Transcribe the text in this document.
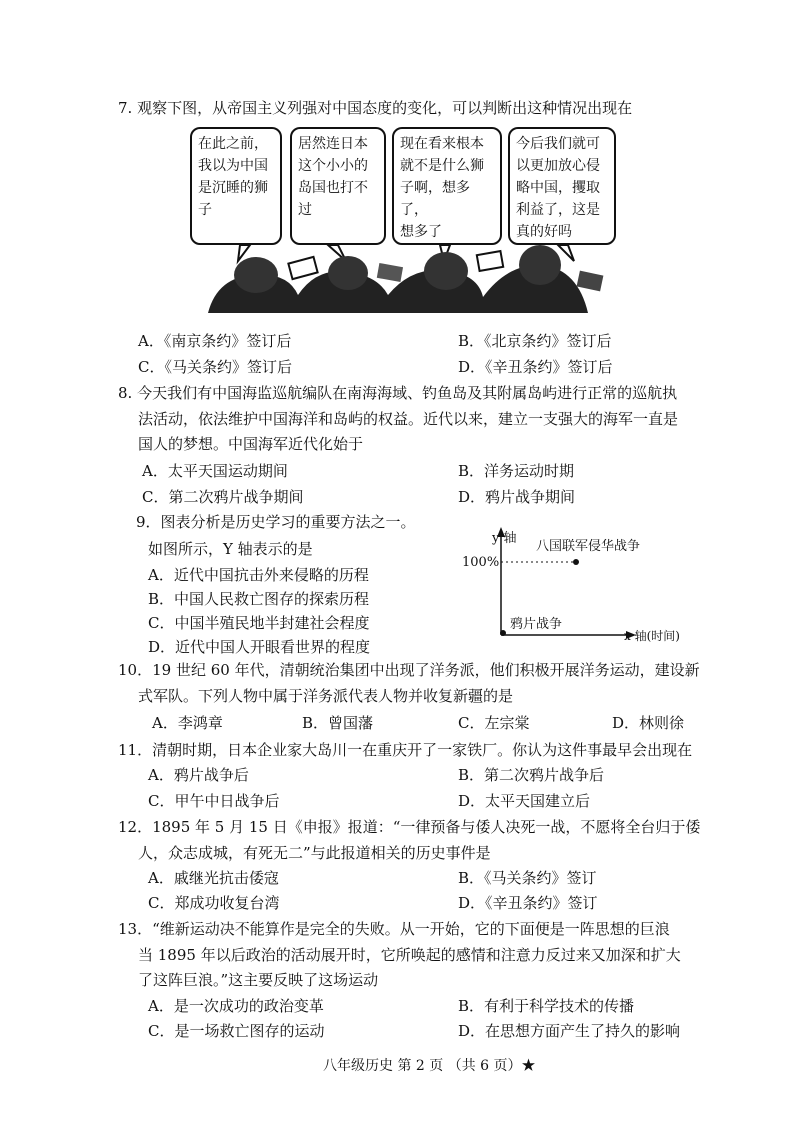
7. 观察下图，从帝国主义列强对中国态度的变化，可以判断出这种情况出现在
在此之前，
我以为中国
是沉睡的狮
子
居然连日本
这个小小的
岛国也打不
过
现在看来根本
就不是什么狮
子啊，想多了，
想多了
今后我们就可
以更加放心侵
略中国，攫取
利益了，这是
真的好吗
A．《南京条约》签订后	B．《北京条约》签订后
C．《马关条约》签订后	D．《辛丑条约》签订后
8. 今天我们有中国海监巡航编队在南海海域、钓鱼岛及其附属岛屿进行正常的巡航执
法活动，依法维护中国海洋和岛屿的权益。近代以来，建立一支强大的海军一直是
国人的梦想。中国海军近代化始于
A．太平天国运动期间	B．洋务运动时期
C．第二次鸦片战争期间	D．鸦片战争期间
9．图表分析是历史学习的重要方法之一。
如图所示，Y 轴表示的是
A．近代中国抗击外来侵略的历程
B．中国人民救亡图存的探索历程
C．中国半殖民地半封建社会程度
D．近代中国人开眼看世界的程度
y 轴
100%
八国联军侵华战争
鸦片战争
x 轴(时间)
10．19 世纪 60 年代，清朝统治集团中出现了洋务派，他们积极开展洋务运动，建设新
式军队。下列人物中属于洋务派代表人物并收复新疆的是
A．李鸿章	B．曾国藩	C．左宗棠	D．林则徐
11．清朝时期，日本企业家大岛川一在重庆开了一家铁厂。你认为这件事最早会出现在
A．鸦片战争后	B．第二次鸦片战争后
C．甲午中日战争后	D．太平天国建立后
12．1895 年 5 月 15 日《申报》报道：“一律预备与倭人决死一战，不愿将全台归于倭
人，众志成城，有死无二”与此报道相关的历史事件是
A．戚继光抗击倭寇	B．《马关条约》签订
C．郑成功收复台湾	D．《辛丑条约》签订
13．“维新运动决不能算作是完全的失败。从一开始，它的下面便是一阵思想的巨浪
当 1895 年以后政治的活动展开时，它所唤起的感情和注意力反过来又加深和扩大
了这阵巨浪。”这主要反映了这场运动
A．是一次成功的政治变革	B．有利于科学技术的传播
C．是一场救亡图存的运动	D．在思想方面产生了持久的影响
八年级历史 第 2 页 （共 6 页）★
